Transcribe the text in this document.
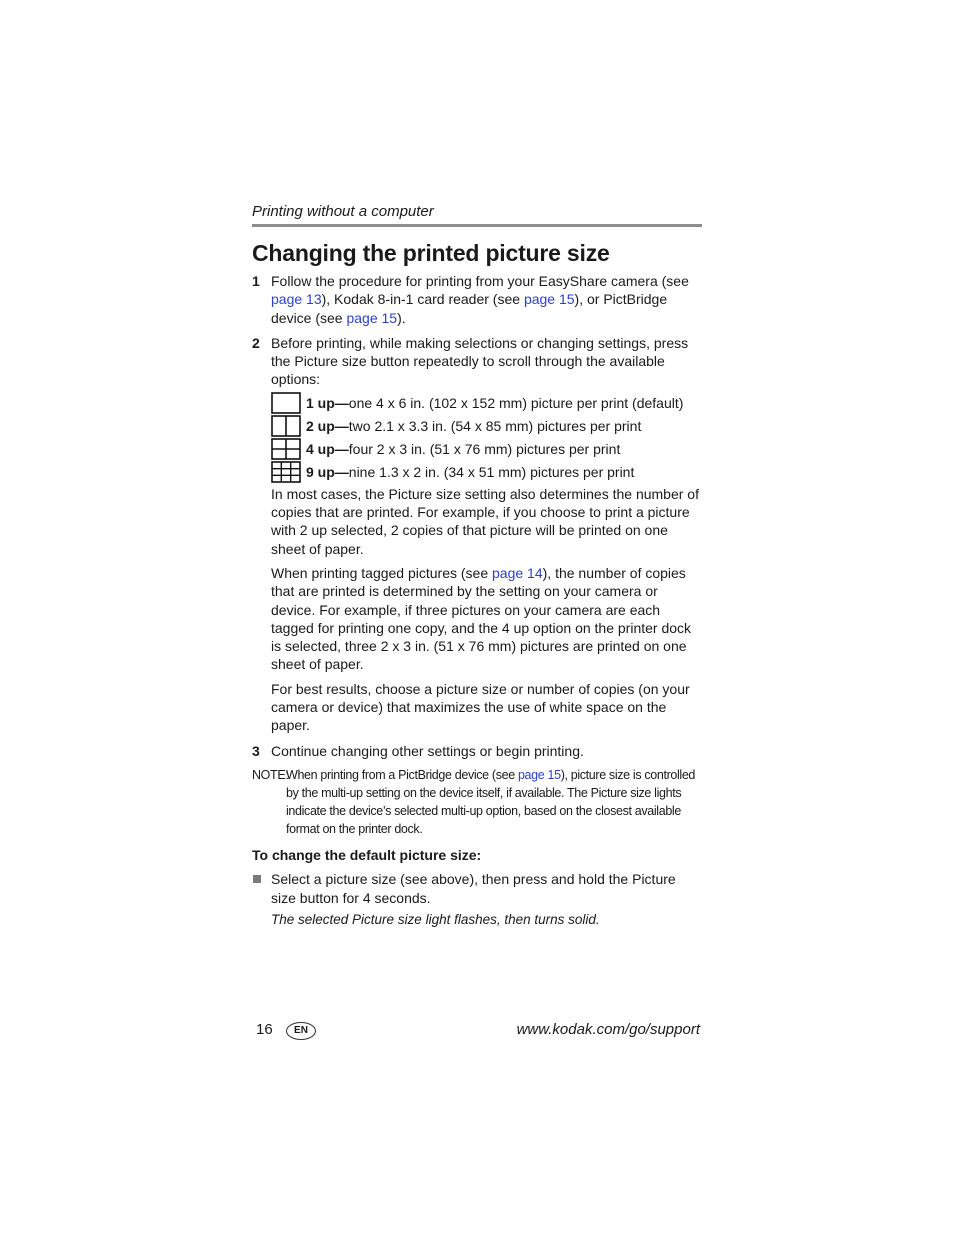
Printing without a computer
Changing the printed picture size
1 Follow the procedure for printing from your EasyShare camera (see page 13), Kodak 8-in-1 card reader (see page 15), or PictBridge device (see page 15).
2 Before printing, while making selections or changing settings, press the Picture size button repeatedly to scroll through the available options:
1 up—one 4 x 6 in. (102 x 152 mm) picture per print (default)
2 up—two 2.1 x 3.3 in. (54 x 85 mm) pictures per print
4 up—four 2 x 3 in. (51 x 76 mm) pictures per print
9 up—nine 1.3 x 2 in. (34 x 51 mm) pictures per print
In most cases, the Picture size setting also determines the number of copies that are printed. For example, if you choose to print a picture with 2 up selected, 2 copies of that picture will be printed on one sheet of paper.
When printing tagged pictures (see page 14), the number of copies that are printed is determined by the setting on your camera or device. For example, if three pictures on your camera are each tagged for printing one copy, and the 4 up option on the printer dock is selected, three 2 x 3 in. (51 x 76 mm) pictures are printed on one sheet of paper.
For best results, choose a picture size or number of copies (on your camera or device) that maximizes the use of white space on the paper.
3 Continue changing other settings or begin printing.
NOTE:
When printing from a PictBridge device (see page 15), picture size is controlled by the multi-up setting on the device itself, if available. The Picture size lights indicate the device’s selected multi-up option, based on the closest available format on the printer dock.
To change the default picture size:
Select a picture size (see above), then press and hold the Picture size button for 4 seconds.
The selected Picture size light flashes, then turns solid.
16	EN	www.kodak.com/go/support
